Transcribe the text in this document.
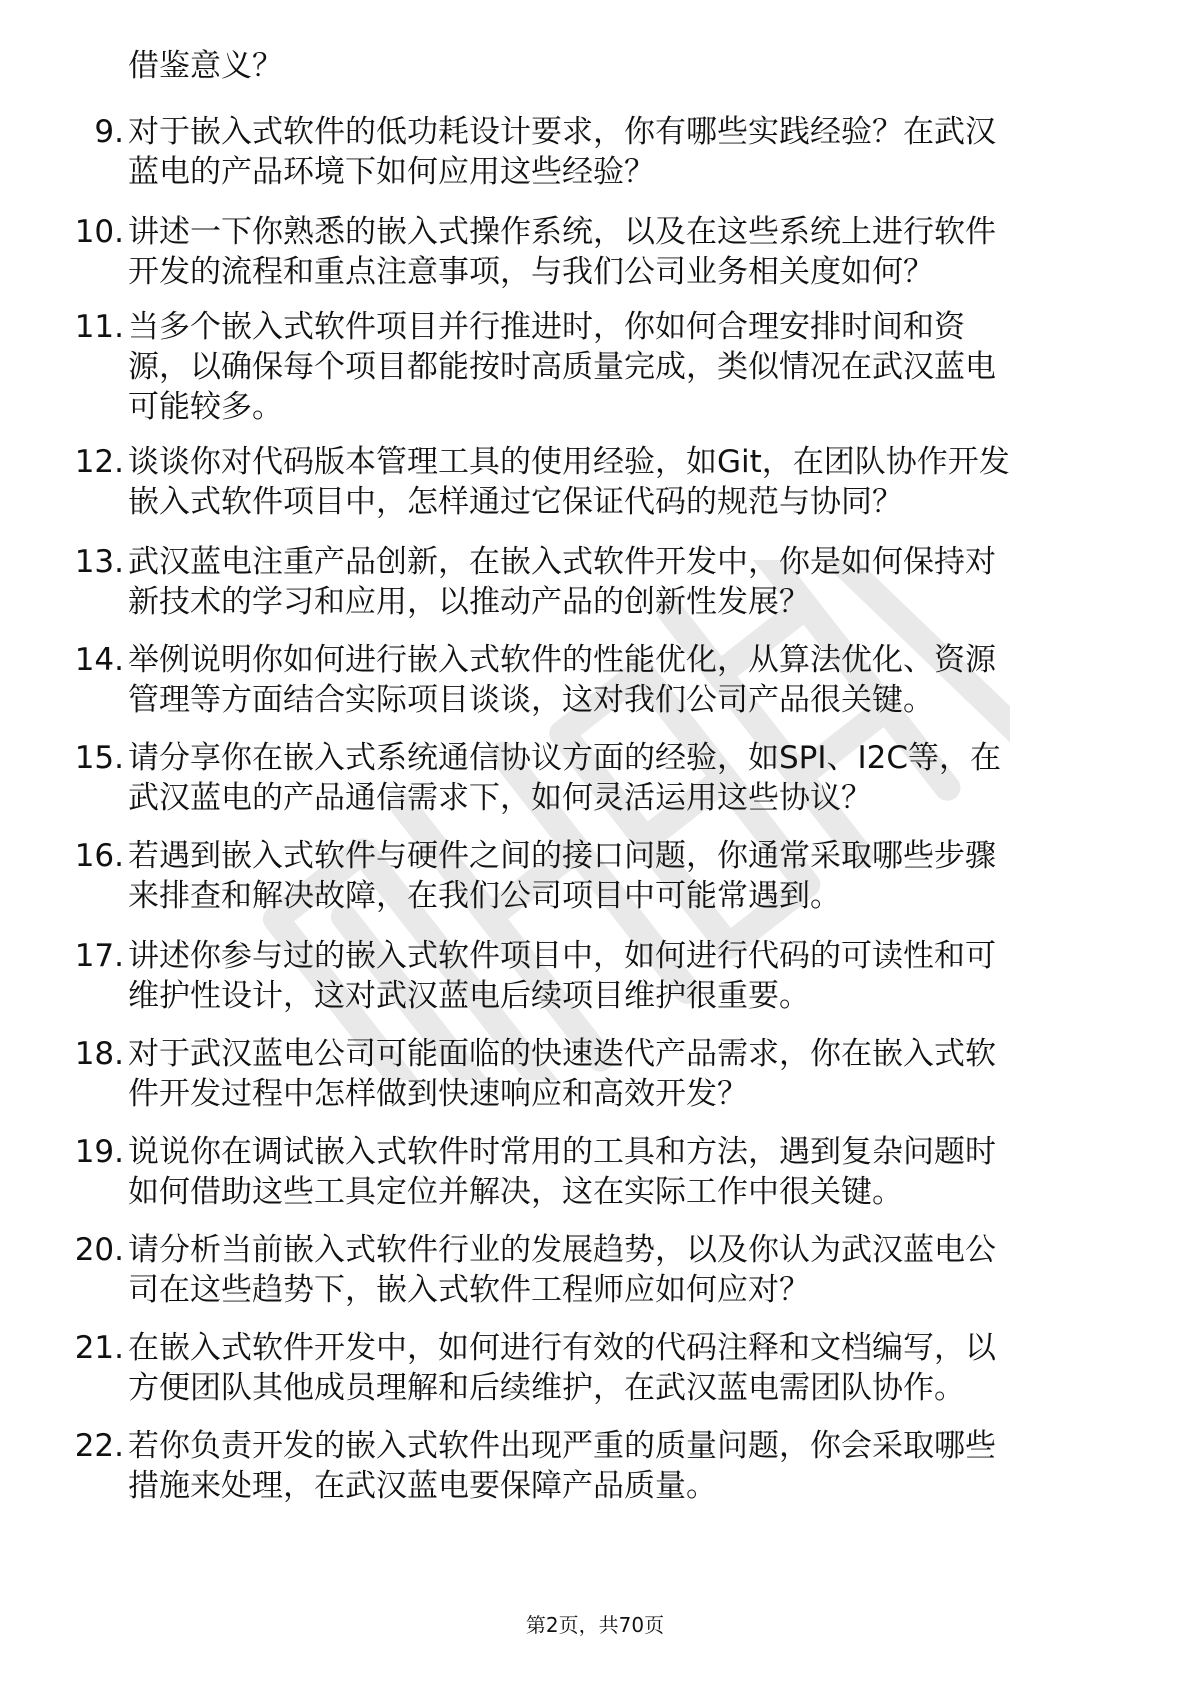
借鉴意义？
9. 对于嵌入式软件的低功耗设计要求，你有哪些实践经验？在武汉
蓝电的产品环境下如何应用这些经验？
10. 讲述一下你熟悉的嵌入式操作系统，以及在这些系统上进行软件
开发的流程和重点注意事项，与我们公司业务相关度如何？
11. 当多个嵌入式软件项目并行推进时，你如何合理安排时间和资
源，以确保每个项目都能按时高质量完成，类似情况在武汉蓝电
可能较多。
12. 谈谈你对代码版本管理工具的使用经验，如Git，在团队协作开发
嵌入式软件项目中，怎样通过它保证代码的规范与协同？
13. 武汉蓝电注重产品创新，在嵌入式软件开发中，你是如何保持对
新技术的学习和应用，以推动产品的创新性发展？
14. 举例说明你如何进行嵌入式软件的性能优化，从算法优化、资源
管理等方面结合实际项目谈谈，这对我们公司产品很关键。
15. 请分享你在嵌入式系统通信协议方面的经验，如SPI、I2C等，在
武汉蓝电的产品通信需求下，如何灵活运用这些协议？
16. 若遇到嵌入式软件与硬件之间的接口问题，你通常采取哪些步骤
来排查和解决故障，在我们公司项目中可能常遇到。
17. 讲述你参与过的嵌入式软件项目中，如何进行代码的可读性和可
维护性设计，这对武汉蓝电后续项目维护很重要。
18. 对于武汉蓝电公司可能面临的快速迭代产品需求，你在嵌入式软
件开发过程中怎样做到快速响应和高效开发？
19. 说说你在调试嵌入式软件时常用的工具和方法，遇到复杂问题时
如何借助这些工具定位并解决，这在实际工作中很关键。
20. 请分析当前嵌入式软件行业的发展趋势，以及你认为武汉蓝电公
司在这些趋势下，嵌入式软件工程师应如何应对？
21. 在嵌入式软件开发中，如何进行有效的代码注释和文档编写，以
方便团队其他成员理解和后续维护，在武汉蓝电需团队协作。
22. 若你负责开发的嵌入式软件出现严重的质量问题，你会采取哪些
措施来处理，在武汉蓝电要保障产品质量。
第2页，共70页
